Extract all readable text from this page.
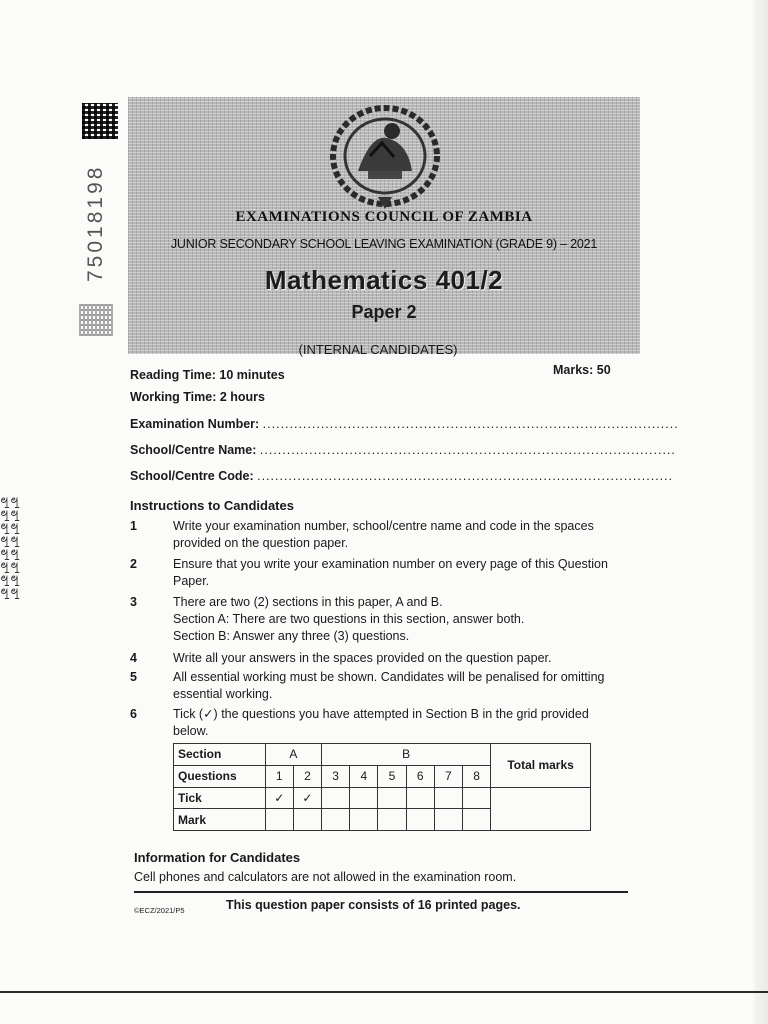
75018198
ꔡꔡꔡꔡꔡꔡꔡꔡꔡꔡꔡꔡꔡꔡꔡꔡ
EXAMINATIONS COUNCIL OF ZAMBIA
JUNIOR SECONDARY SCHOOL LEAVING EXAMINATION (GRADE 9) – 2021
Mathematics 401/2
Paper 2
(INTERNAL CANDIDATES)
Reading Time: 10 minutes	Marks: 50
Working Time: 2 hours
Examination Number: .............................................................................................
School/Centre Name: .............................................................................................
School/Centre Code: .............................................................................................
Instructions to Candidates
1	Write your examination number, school/centre name and code in the spaces provided on the question paper.
2	Ensure that you write your examination number on every page of this Question Paper.
3	There are two (2) sections in this paper, A and B.
Section A: There are two questions in this section, answer both.
Section B: Answer any three (3) questions.
4	Write all your answers in the spaces provided on the question paper.
5	All essential working must be shown. Candidates will be penalised for omitting essential working.
6	Tick (✓) the questions you have attempted in Section B in the grid provided below.
Section	A		B						Total marks
Questions	1	2	3	4	5	6	7	8	
Tick	✓	✓							
Mark									
Information for Candidates
Cell phones and calculators are not allowed in the examination room.
©ECZ/2021/P5	This question paper consists of 16 printed pages.
